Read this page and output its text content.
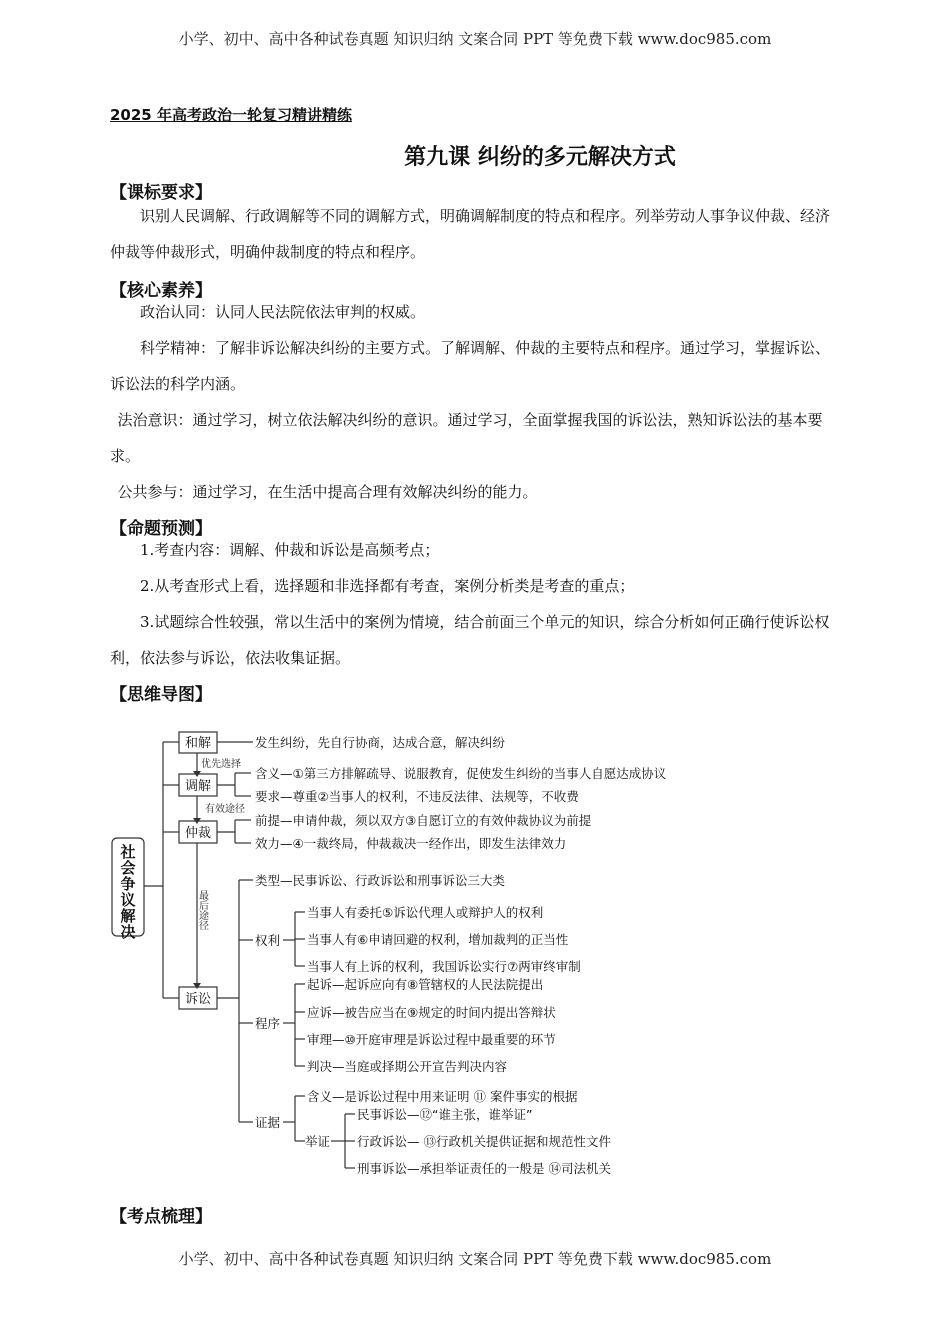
小学、初中、高中各种试卷真题 知识归纳 文案合同 PPT 等免费下载 www.doc985.com
2025 年高考政治一轮复习精讲精练
第九课 纠纷的多元解决方式
【课标要求】
识别人民调解、行政调解等不同的调解方式，明确调解制度的特点和程序。列举劳动人事争议仲裁、经济仲裁等仲裁形式，明确仲裁制度的特点和程序。
【核心素养】
政治认同：认同人民法院依法审判的权威。
科学精神：了解非诉讼解决纠纷的主要方式。了解调解、仲裁的主要特点和程序。通过学习，掌握诉讼、诉讼法的科学内涵。
法治意识：通过学习，树立依法解决纠纷的意识。通过学习，全面掌握我国的诉讼法，熟知诉讼法的基本要求。
公共参与：通过学习，在生活中提高合理有效解决纠纷的能力。
【命题预测】
1.考查内容：调解、仲裁和诉讼是高频考点；
2.从考查形式上看，选择题和非选择都有考查，案例分析类是考查的重点；
3.试题综合性较强，常以生活中的案例为情境，结合前面三个单元的知识，综合分析如何正确行使诉讼权利，依法参与诉讼，依法收集证据。
【思维导图】
社
会
争
议
解
决
和解
调解
仲裁
诉讼
优先选择
有效途径
最后途径
发生纠纷，先自行协商，达成合意，解决纠纷
含义—①第三方排解疏导、说服教育，促使发生纠纷的当事人自愿达成协议
要求—尊重②当事人的权利，不违反法律、法规等，不收费
前提—申请仲裁，须以双方③自愿订立的有效仲裁协议为前提
效力—④一裁终局，仲裁裁决一经作出，即发生法律效力
类型—民事诉讼、行政诉讼和刑事诉讼三大类
权利
当事人有委托⑤诉讼代理人或辩护人的权利
当事人有⑥申请回避的权利，增加裁判的正当性
当事人有上诉的权利，我国诉讼实行⑦两审终审制
程序
起诉—起诉应向有⑧管辖权的人民法院提出
应诉—被告应当在⑨规定的时间内提出答辩状
审理—⑩开庭审理是诉讼过程中最重要的环节
判决—当庭或择期公开宣告判决内容
证据
含义—是诉讼过程中用来证明 ⑪ 案件事实的根据
举证
民事诉讼—⑫“谁主张，谁举证”
行政诉讼— ⑬行政机关提供证据和规范性文件
刑事诉讼—承担举证责任的一般是 ⑭司法机关
【考点梳理】
小学、初中、高中各种试卷真题 知识归纳 文案合同 PPT 等免费下载 www.doc985.com
